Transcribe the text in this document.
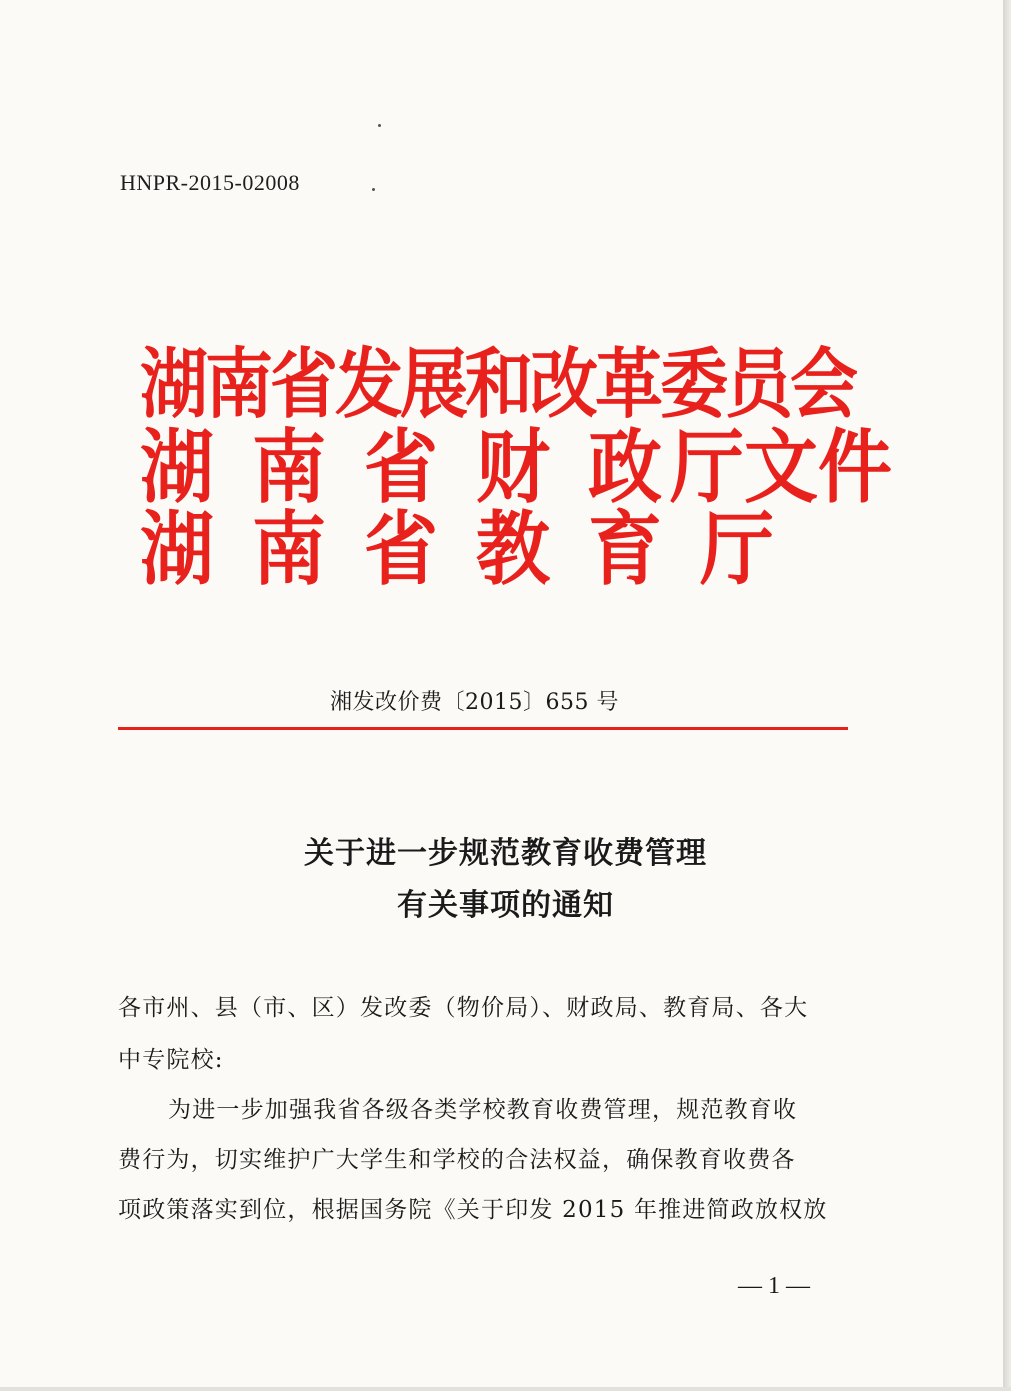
HNPR-2015-02008
湖南省发展和改革委员会
湖 南 省 财 政 厅文件
湖 南 省 教 育 厅
湘发改价费〔2015〕655 号
关于进一步规范教育收费管理
有关事项的通知
各市州、县（市、区）发改委（物价局）、财政局、教育局、各大
中专院校:
为进一步加强我省各级各类学校教育收费管理，规范教育收
费行为，切实维护广大学生和学校的合法权益，确保教育收费各
项政策落实到位，根据国务院《关于印发 2015 年推进简政放权放
— 1 —
